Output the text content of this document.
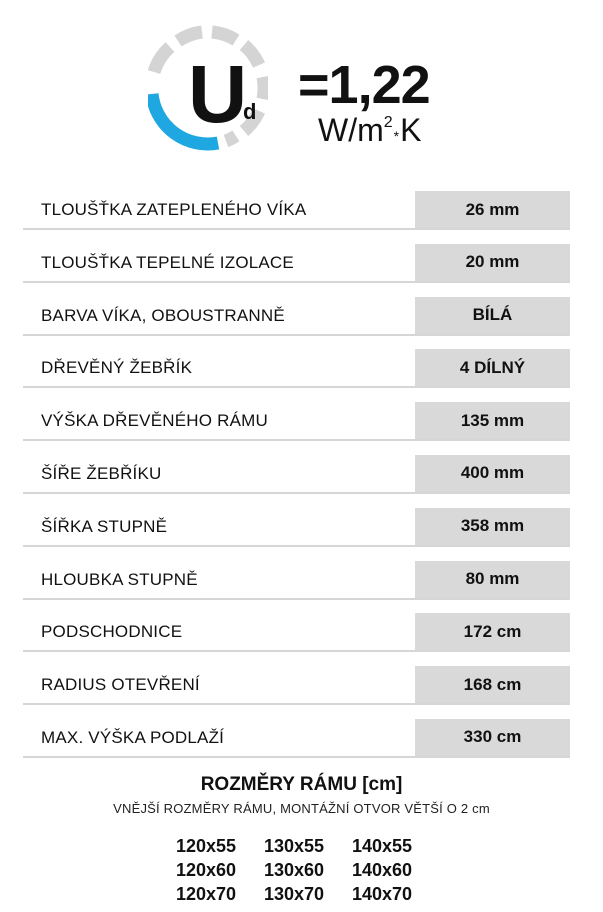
U
d =1,22
$W/m^2*K$
TLOUŠŤKA ZATEPLENÉHO VÍKA	26 mm
TLOUŠŤKA TEPELNÉ IZOLACE	20 mm
BARVA VÍKA, OBOUSTRANNĚ	BÍLÁ
DŘEVĚNÝ ŽEBŘÍK	4 DÍLNÝ
VÝŠKA DŘEVĚNÉHO RÁMU	135 mm
ŠÍŘE ŽEBŘÍKU	400 mm
ŠÍŘKA STUPNĚ	358 mm
HLOUBKA STUPNĚ	80 mm
PODSCHODNICE	172 cm
RADIUS OTEVŘENÍ	168 cm
MAX. VÝŠKA PODLAŽÍ	330 cm
ROZMĚRY RÁMU [cm]
VNĚJŠÍ ROZMĚRY RÁMU, MONTÁŽNÍ OTVOR VĚTŠÍ O 2 cm
120x55	130x55	140x55
120x60	130x60	140x60
120x70	130x70	140x70
